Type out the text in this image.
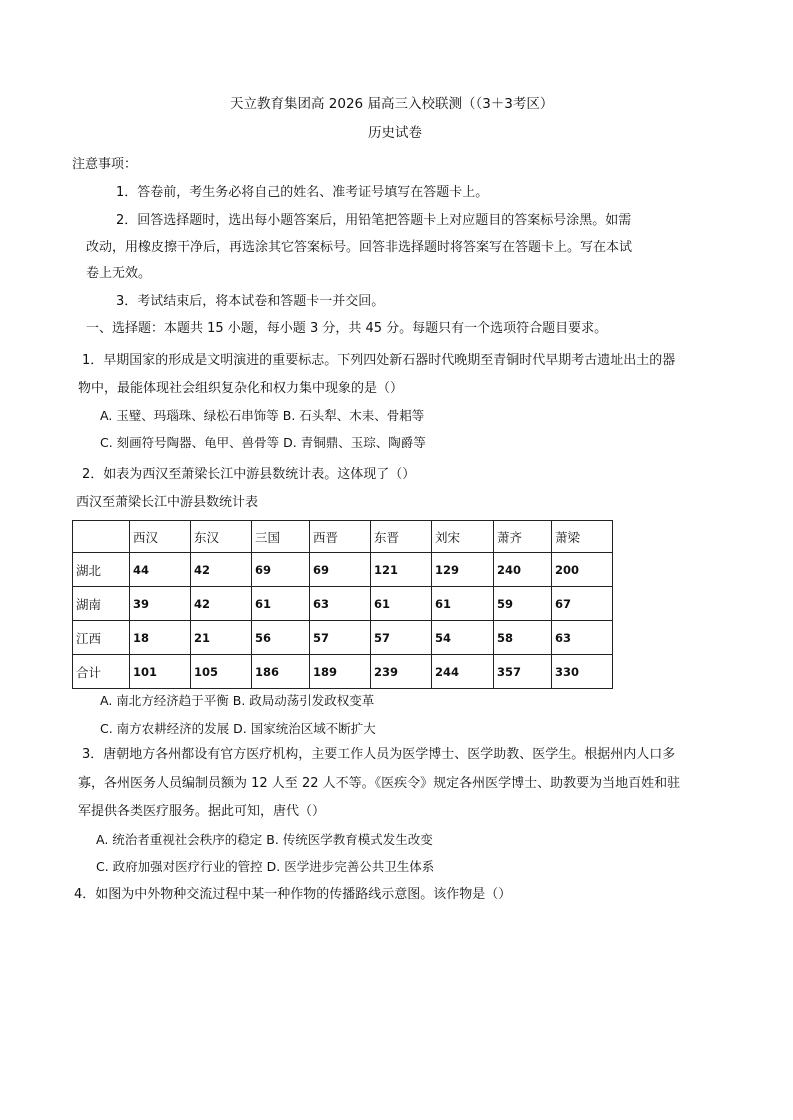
天立教育集团高 2026 届高三入校联测（（3＋3考区）
历史试卷
注意事项：
1．答卷前，考生务必将自己的姓名、准考证号填写在答题卡上。
2．回答选择题时，选出每小题答案后，用铅笔把答题卡上对应题目的答案标号涂黑。如需
改动，用橡皮擦干净后，再选涂其它答案标号。回答非选择题时将答案写在答题卡上。写在本试
卷上无效。
3．考试结束后，将本试卷和答题卡一并交回。
一、选择题：本题共 15 小题，每小题 3 分，共 45 分。每题只有一个选项符合题目要求。
1．早期国家的形成是文明演进的重要标志。下列四处新石器时代晚期至青铜时代早期考古遗址出土的器
物中，最能体现社会组织复杂化和权力集中现象的是（）
A. 玉璧、玛瑙珠、绿松石串饰等 B. 石头犁、木耒、骨耜等
C. 刻画符号陶器、龟甲、兽骨等 D. 青铜鼎、玉琮、陶爵等
2．如表为西汉至萧梁长江中游县数统计表。这体现了（）
西汉至萧梁长江中游县数统计表
	西汉	东汉	三国	西晋	东晋	刘宋	萧齐	萧梁
湖北	44	42	69	69	121	129	240	200
湖南	39	42	61	63	61	61	59	67
江西	18	21	56	57	57	54	58	63
合计	101	105	186	189	239	244	357	330
A. 南北方经济趋于平衡 B. 政局动荡引发政权变革
C. 南方农耕经济的发展 D. 国家统治区域不断扩大
3．唐朝地方各州都设有官方医疗机构，主要工作人员为医学博士、医学助教、医学生。根据州内人口多
寡，各州医务人员编制员额为 12 人至 22 人不等。《医疾令》规定各州医学博士、助教要为当地百姓和驻
军提供各类医疗服务。据此可知，唐代（）
A. 统治者重视社会秩序的稳定 B. 传统医学教育模式发生改变
C. 政府加强对医疗行业的管控 D. 医学进步完善公共卫生体系
4．如图为中外物种交流过程中某一种作物的传播路线示意图。该作物是（）
